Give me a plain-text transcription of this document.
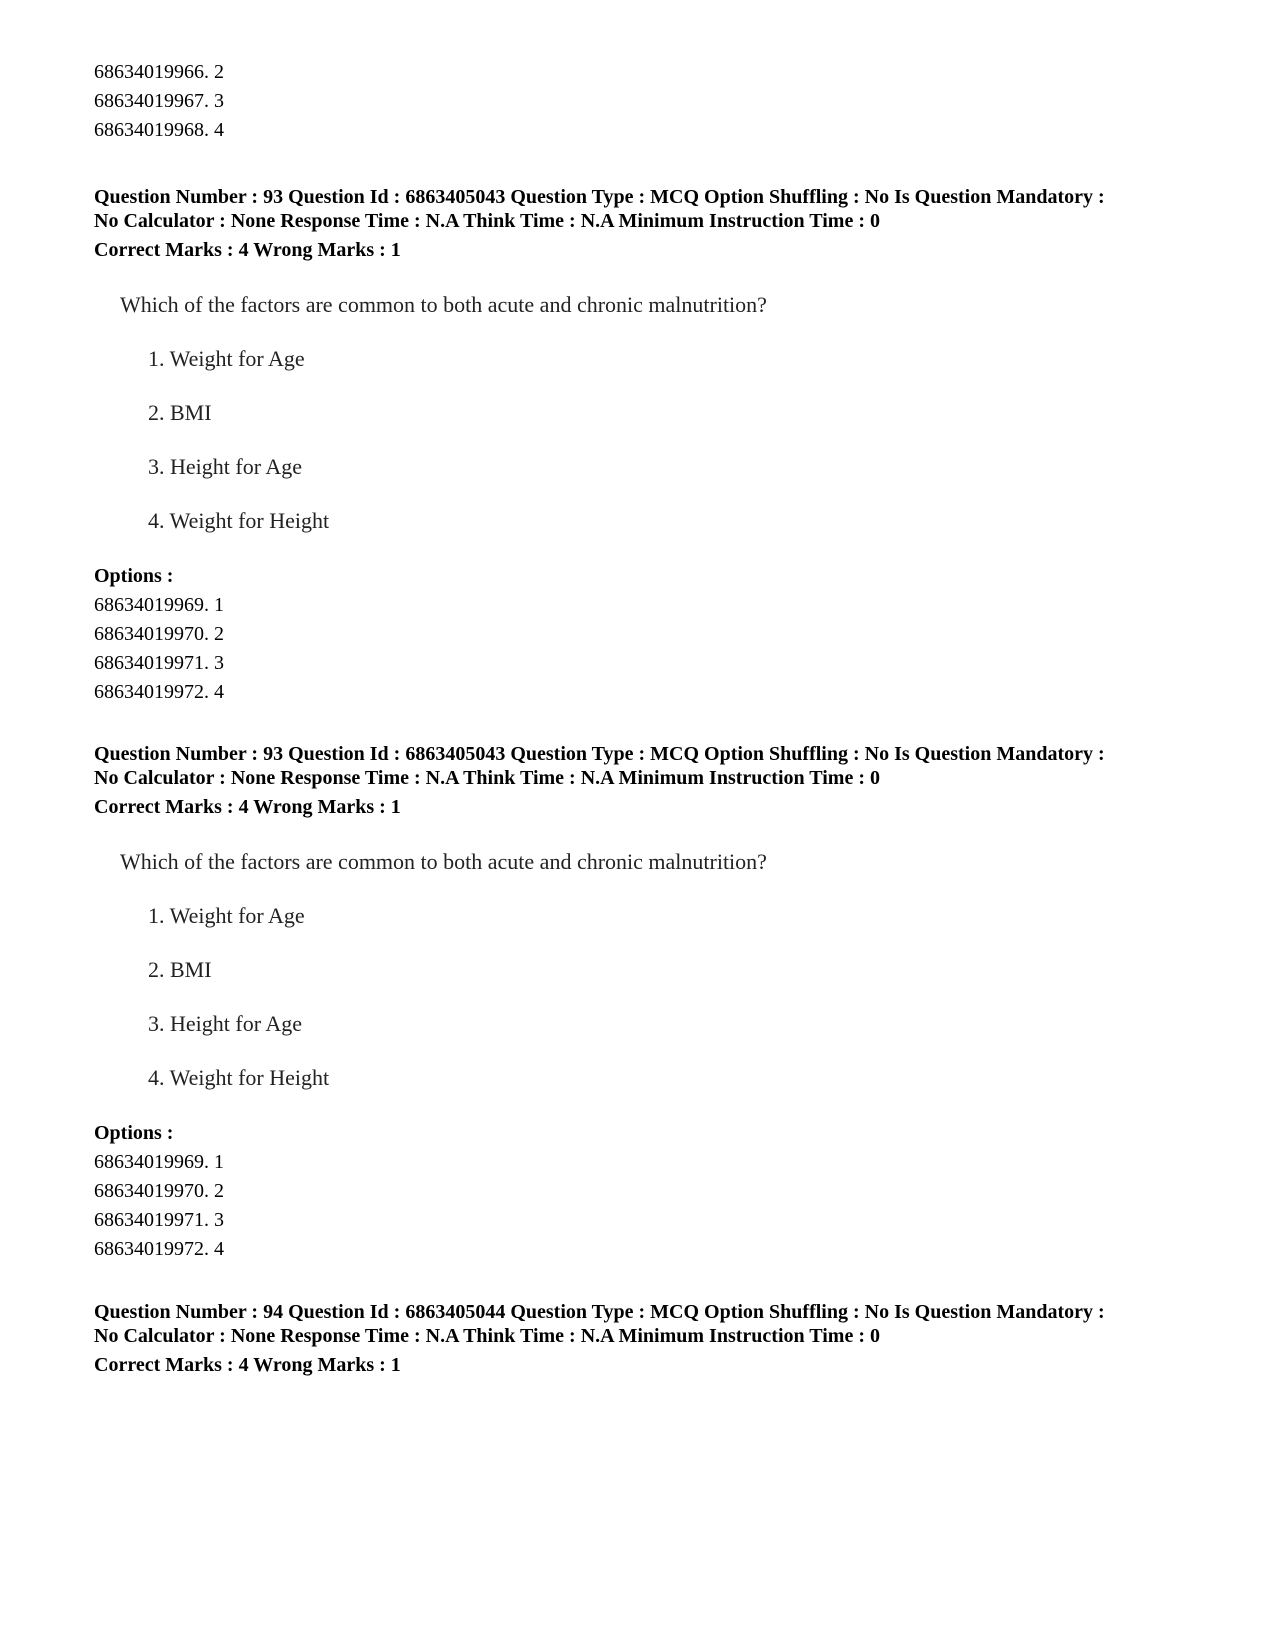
68634019966. 2
68634019967. 3
68634019968. 4
Question Number : 93 Question Id : 6863405043 Question Type : MCQ Option Shuffling : No Is Question Mandatory :
No Calculator : None Response Time : N.A Think Time : N.A Minimum Instruction Time : 0
Correct Marks : 4 Wrong Marks : 1
Which of the factors are common to both acute and chronic malnutrition?
1. Weight for Age
2. BMI
3. Height for Age
4. Weight for Height
Options :
68634019969. 1
68634019970. 2
68634019971. 3
68634019972. 4
Question Number : 93 Question Id : 6863405043 Question Type : MCQ Option Shuffling : No Is Question Mandatory :
No Calculator : None Response Time : N.A Think Time : N.A Minimum Instruction Time : 0
Correct Marks : 4 Wrong Marks : 1
Which of the factors are common to both acute and chronic malnutrition?
1. Weight for Age
2. BMI
3. Height for Age
4. Weight for Height
Options :
68634019969. 1
68634019970. 2
68634019971. 3
68634019972. 4
Question Number : 94 Question Id : 6863405044 Question Type : MCQ Option Shuffling : No Is Question Mandatory :
No Calculator : None Response Time : N.A Think Time : N.A Minimum Instruction Time : 0
Correct Marks : 4 Wrong Marks : 1
